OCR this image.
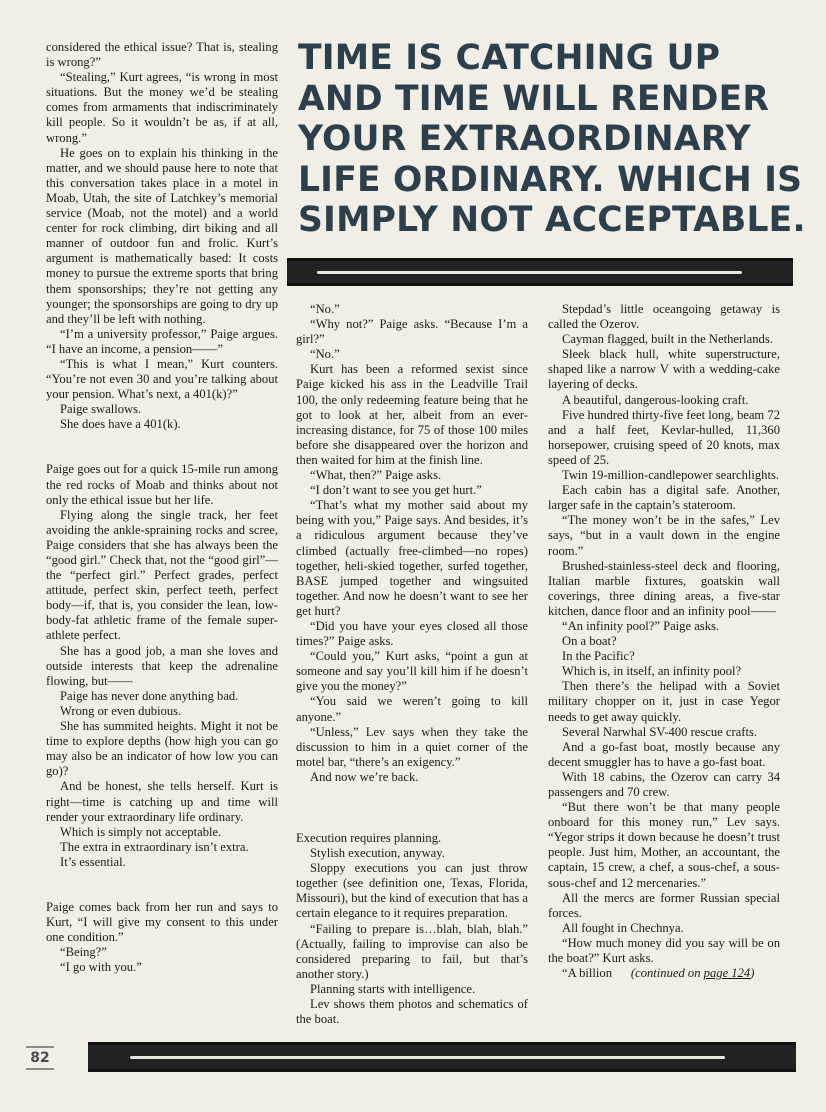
TIME IS CATCHING UP
AND TIME WILL RENDER
YOUR EXTRAORDINARY
LIFE ORDINARY. WHICH IS
SIMPLY NOT ACCEPTABLE.

considered the ethical issue? That is, stealing is wrong?”

“Stealing,” Kurt agrees, “is wrong in most situations. But the money we’d be stealing comes from armaments that indiscriminately kill people. So it wouldn’t be as, if at all, wrong.”

He goes on to explain his thinking in the matter, and we should pause here to note that this conversation takes place in a motel in Moab, Utah, the site of Latchkey’s memorial service (Moab, not the motel) and a world center for rock climbing, dirt biking and all manner of outdoor fun and frolic. Kurt’s argument is mathematically based: It costs money to pursue the extreme sports that bring them sponsorships; they’re not getting any younger; the sponsorships are going to dry up and they’ll be left with nothing.

“I’m a university professor,” Paige argues. “I have an income, a pension——”

“This is what I mean,” Kurt counters. “You’re not even 30 and you’re talking about your pension. What’s next, a 401(k)?”

Paige swallows.

She does have a 401(k).

Paige goes out for a quick 15-mile run among the red rocks of Moab and thinks about not only the ethical issue but her life.

Flying along the single track, her feet avoiding the ankle-spraining rocks and scree, Paige considers that she has always been the “good girl.” Check that, not the “good girl”—the “perfect girl.” Perfect grades, perfect attitude, perfect skin, perfect teeth, perfect body—if, that is, you consider the lean, low-body-fat athletic frame of the female super-athlete perfect.

She has a good job, a man she loves and outside interests that keep the adrenaline flowing, but——

Paige has never done anything bad.

Wrong or even dubious.

She has summited heights. Might it not be time to explore depths (how high you can go may also be an indicator of how low you can go)?

And be honest, she tells herself. Kurt is right—time is catching up and time will render your extraordinary life ordinary.

Which is simply not acceptable.

The extra in extraordinary isn’t extra.

It’s essential.

Paige comes back from her run and says to Kurt, “I will give my consent to this under one condition.”

“Being?”

“I go with you.”

“No.”

“Why not?” Paige asks. “Because I’m a girl?”

“No.”

Kurt has been a reformed sexist since Paige kicked his ass in the Leadville Trail 100, the only redeeming feature being that he got to look at her, albeit from an ever-increasing distance, for 75 of those 100 miles before she disappeared over the horizon and then waited for him at the finish line.

“What, then?” Paige asks.

“I don’t want to see you get hurt.”

“That’s what my mother said about my being with you,” Paige says. And besides, it’s a ridiculous argument because they’ve climbed (actually free-climbed—no ropes) together, heli-skied together, surfed together, BASE jumped together and wingsuited together. And now he doesn’t want to see her get hurt?

“Did you have your eyes closed all those times?” Paige asks.

“Could you,” Kurt asks, “point a gun at someone and say you’ll kill him if he doesn’t give you the money?”

“You said we weren’t going to kill anyone.”

“Unless,” Lev says when they take the discussion to him in a quiet corner of the motel bar, “there’s an exigency.”

And now we’re back.

Execution requires planning.

Stylish execution, anyway.

Sloppy executions you can just throw together (see definition one, Texas, Florida, Missouri), but the kind of execution that has a certain elegance to it requires preparation.

“Failing to prepare is…blah, blah, blah.” (Actually, failing to improvise can also be considered preparing to fail, but that’s another story.)

Planning starts with intelligence.

Lev shows them photos and schematics of the boat.

Stepdad’s little oceangoing getaway is called the Ozerov.

Cayman flagged, built in the Netherlands.

Sleek black hull, white superstructure, shaped like a narrow V with a wedding-cake layering of decks.

A beautiful, dangerous-looking craft.

Five hundred thirty-five feet long, beam 72 and a half feet, Kevlar-hulled, 11,360 horsepower, cruising speed of 20 knots, max speed of 25.

Twin 19-million-candlepower searchlights.

Each cabin has a digital safe. Another, larger safe in the captain’s stateroom.

“The money won’t be in the safes,” Lev says, “but in a vault down in the engine room.”

Brushed-stainless-steel deck and flooring, Italian marble fixtures, goatskin wall coverings, three dining areas, a five-star kitchen, dance floor and an infinity pool——

“An infinity pool?” Paige asks.

On a boat?

In the Pacific?

Which is, in itself, an infinity pool?

Then there’s the helipad with a Soviet military chopper on it, just in case Yegor needs to get away quickly.

Several Narwhal SV-400 rescue crafts.

And a go-fast boat, mostly because any decent smuggler has to have a go-fast boat.

With 18 cabins, the Ozerov can carry 34 passengers and 70 crew.

“But there won’t be that many people onboard for this money run,” Lev says. “Yegor strips it down because he doesn’t trust people. Just him, Mother, an accountant, the captain, 15 crew, a chef, a sous-chef, a sous-sous-chef and 12 mercenaries.”

All the mercs are former Russian special forces.

All fought in Chechnya.

“How much money did you say will be on the boat?” Kurt asks.

“A billion (continued on page 124)

82
